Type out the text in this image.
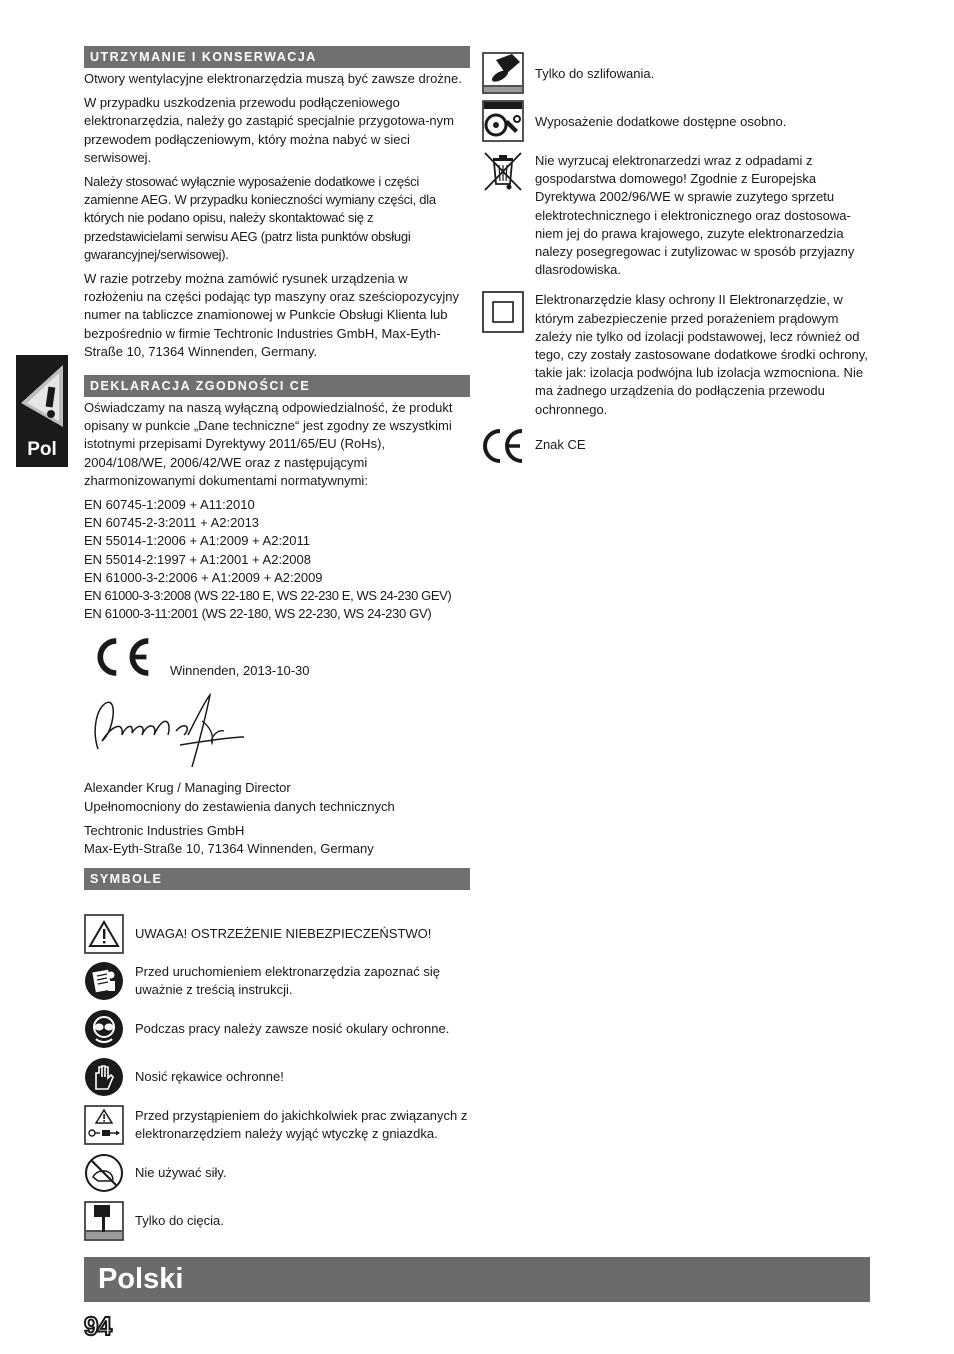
Pol
UTRZYMANIE I KONSERWACJA

Otwory wentylacyjne elektronarzędzia muszą być zawsze drożne.

W przypadku uszkodzenia przewodu podłączeniowego elektronarzędzia, należy go zastąpić specjalnie przygotowa-nym przewodem podłączeniowym, który można nabyć w sieci serwisowej.

Należy stosować wyłącznie wyposażenie dodatkowe i części zamienne AEG. W przypadku konieczności wymiany części, dla których nie podano opisu, należy skontaktować się z przedstawicielami serwisu AEG (patrz lista punktów obsługi gwarancyjnej/serwisowej).

W razie potrzeby można zamówić rysunek urządzenia w rozłożeniu na części podając typ maszyny oraz sześciopozycyjny numer na tabliczce znamionowej w Punkcie Obsługi Klienta lub bezpośrednio w firmie Techtronic Industries GmbH, Max-Eyth-Straße 10, 71364 Winnenden, Germany.

DEKLARACJA ZGODNOŚCI CE

Oświadczamy na naszą wyłączną odpowiedzialność, że produkt opisany w punkcie „Dane techniczne“ jest zgodny ze wszystkimi istotnymi przepisami Dyrektywy 2011/65/EU (RoHs), 2004/108/WE, 2006/42/WE oraz z następującymi zharmonizowanymi dokumentami normatywnymi:

EN 60745-1:2009 + A11:2010
EN 60745-2-3:2011 + A2:2013
EN 55014-1:2006 + A1:2009 + A2:2011
EN 55014-2:1997 + A1:2001 + A2:2008
EN 61000-3-2:2006 + A1:2009 + A2:2009
EN 61000-3-3:2008 (WS 22-180 E, WS 22-230 E, WS 24-230 GEV)
EN 61000-3-11:2001 (WS 22-180, WS 22-230, WS 24-230 GV)
Winnenden, 2013-10-30

Alexander Krug / Managing Director
Upełnomocniony do zestawienia danych technicznych

Techtronic Industries GmbH
Max-Eyth-Straße 10, 71364 Winnenden, Germany

SYMBOLE
UWAGA! OSTRZEŻENIE NIEBEZPIECZEŃSTWO!
Przed uruchomieniem elektronarzędzia zapoznać się uważnie z treścią instrukcji.
Podczas pracy należy zawsze nosić okulary ochronne.
Nosić rękawice ochronne!
Przed przystąpieniem do jakichkolwiek prac związanych z elektronarzędziem należy wyjąć wtyczkę z gniazdka.
Nie używać siły.
Tylko do cięcia.
Tylko do szlifowania.
Wyposażenie dodatkowe dostępne osobno.
Nie wyrzucaj elektronarzedzi wraz z odpadami z gospodarstwa domowego! Zgodnie z Europejska Dyrektywa 2002/96/WE w sprawie zuzytego sprzetu elektrotechnicznego i elektronicznego oraz dostosowa-niem jej do prawa krajowego, zuzyte elektronarzedzia nalezy posegregowac i zutylizowac w sposób przyjazny dlasrodowiska.
Elektronarzędzie klasy ochrony II Elektronarzędzie, w którym zabezpieczenie przed porażeniem prądowym zależy nie tylko od izolacji podstawowej, lecz również od tego, czy zostały zastosowane dodatkowe środki ochrony, takie jak: izolacja podwójna lub izolacja wzmocniona. Nie ma żadnego urządzenia do podłączenia przewodu ochronnego.
Znak CE
Polski
94
